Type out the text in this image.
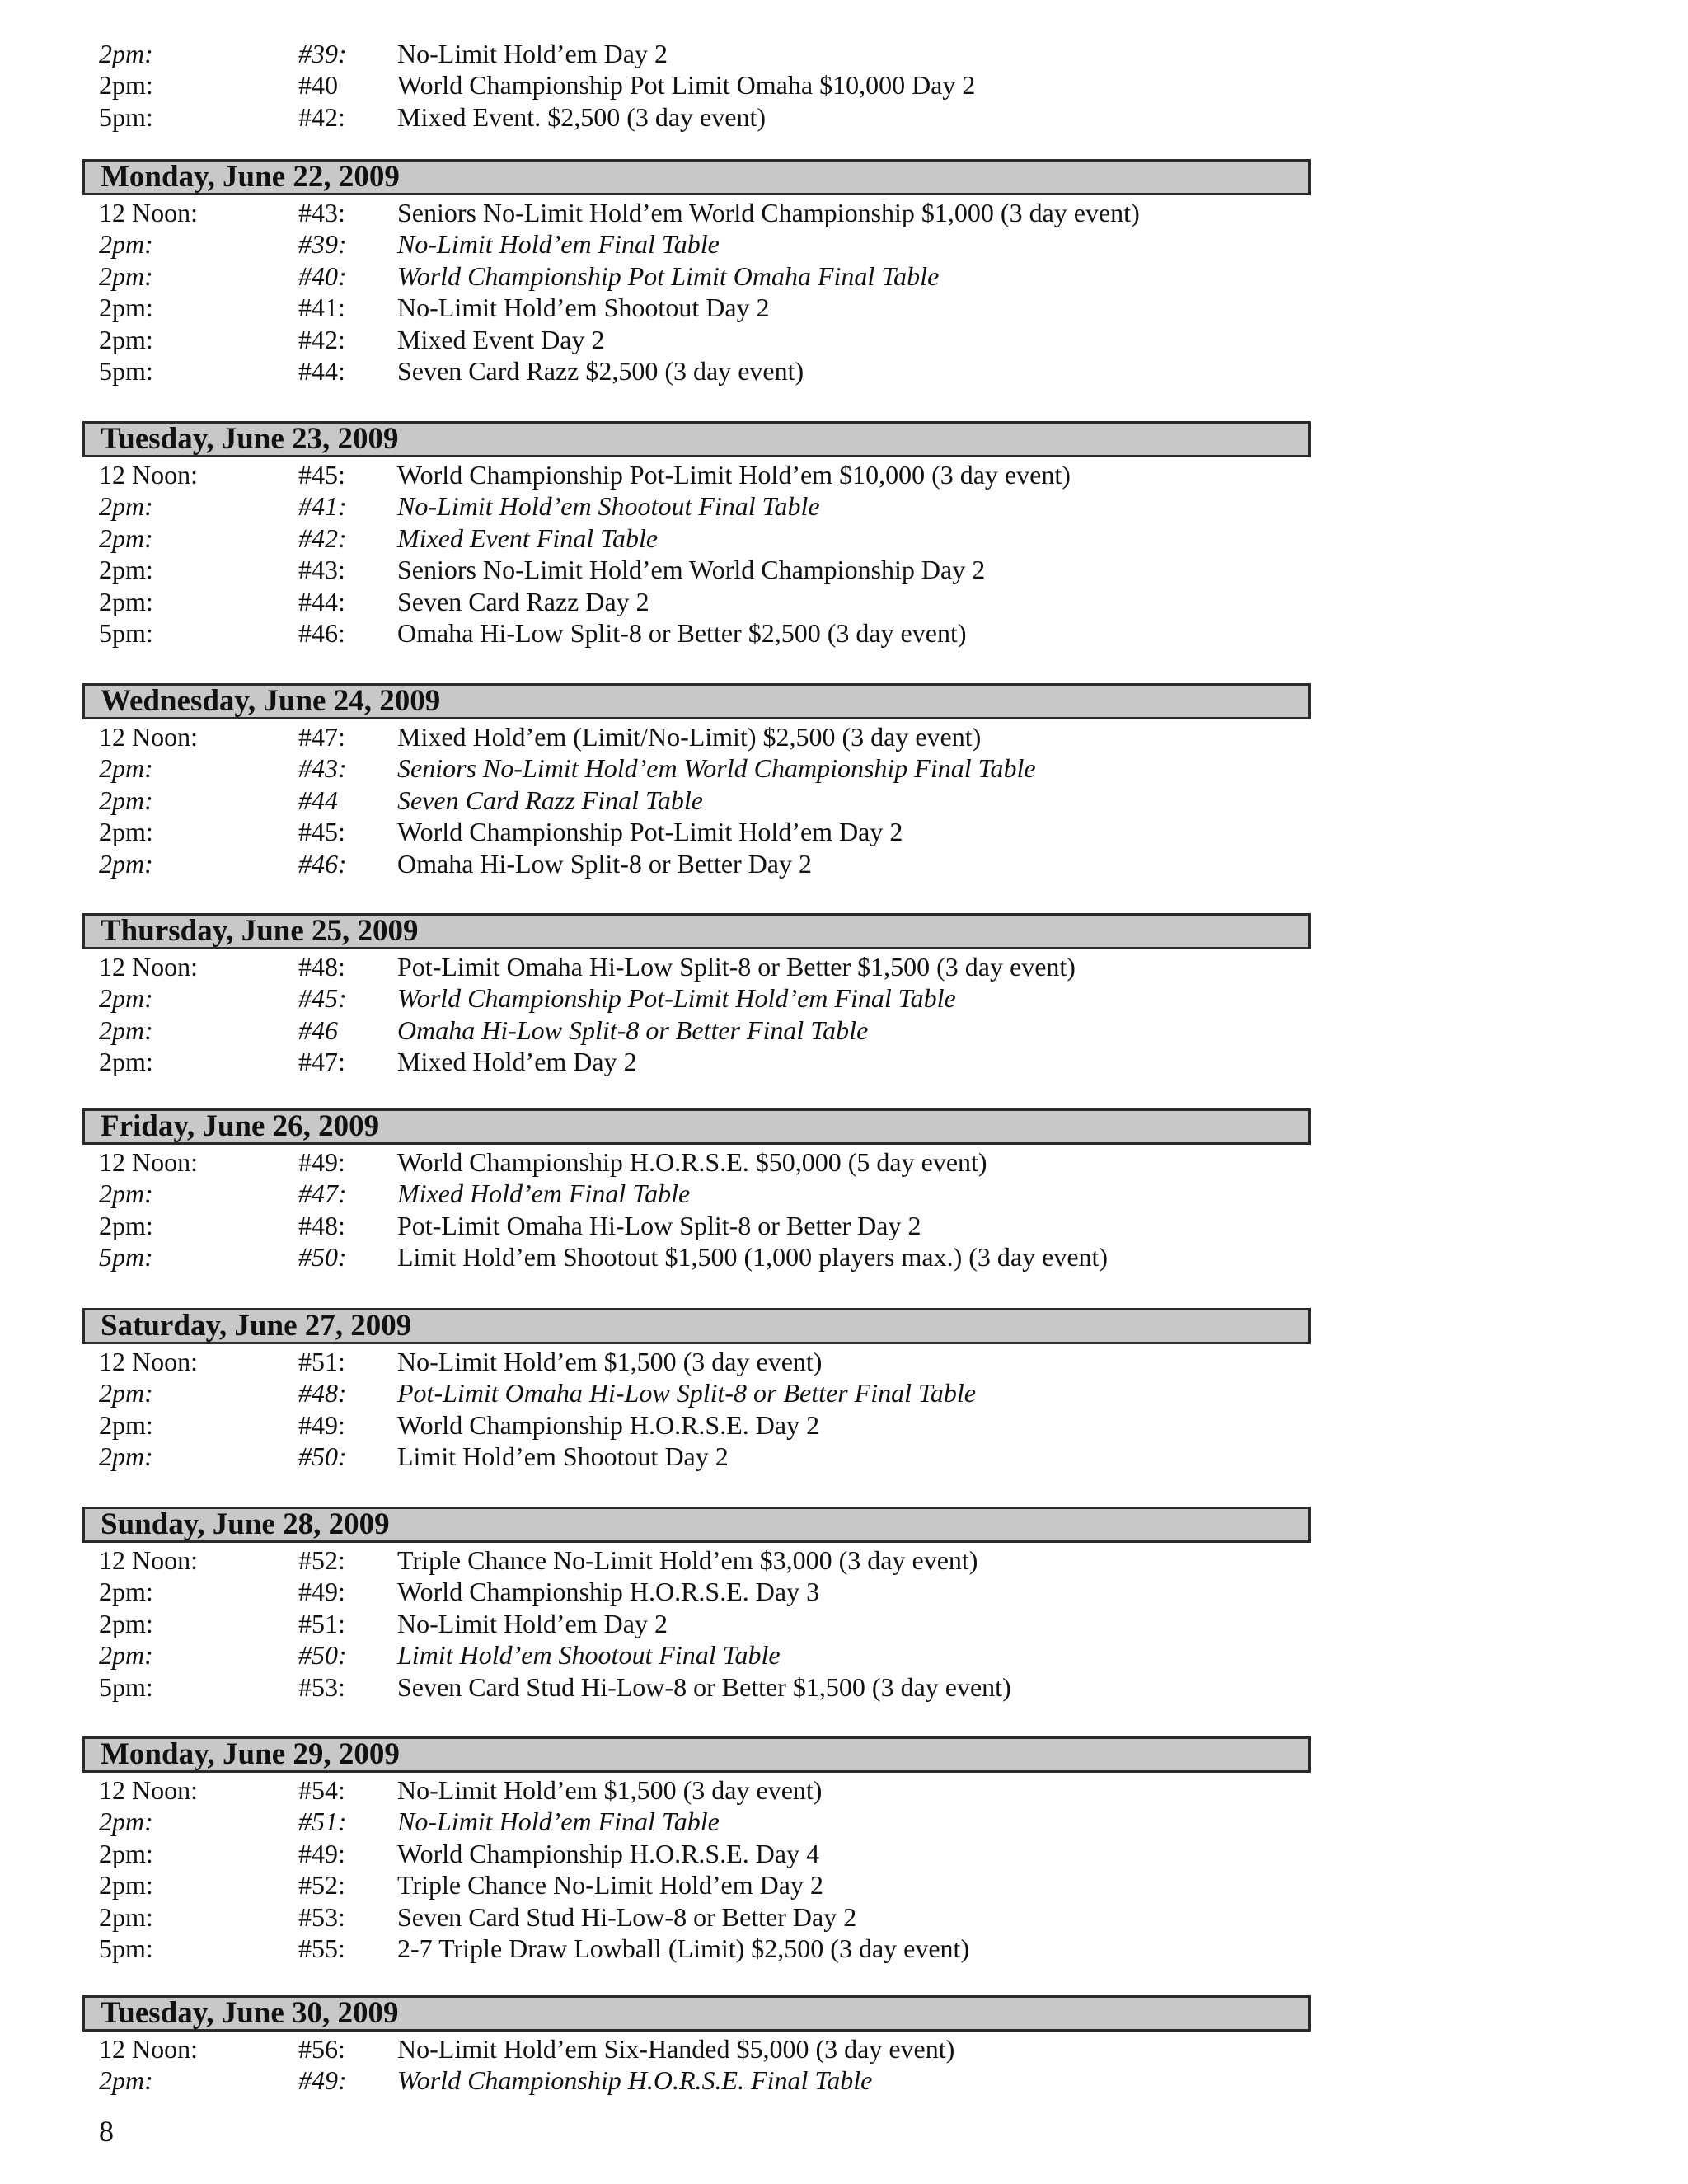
2pm:	#39: No-Limit Hold’em Day 2
2pm:	#40 World Championship Pot Limit Omaha $10,000 Day 2
5pm:	#42: Mixed Event. $2,500 (3 day event)
Monday, June 22, 2009
12 Noon:	#43: Seniors No-Limit Hold’em World Championship $1,000 (3 day event)
2pm:	#39: No-Limit Hold’em Final Table
2pm:	#40: World Championship Pot Limit Omaha Final Table
2pm:	#41: No-Limit Hold’em Shootout Day 2
2pm:	#42: Mixed Event Day 2
5pm:	#44: Seven Card Razz $2,500 (3 day event)
Tuesday, June 23, 2009
12 Noon:	#45: World Championship Pot-Limit Hold’em $10,000 (3 day event)
2pm:	#41: No-Limit Hold’em Shootout Final Table
2pm:	#42: Mixed Event Final Table
2pm:	#43: Seniors No-Limit Hold’em World Championship Day 2
2pm:	#44: Seven Card Razz Day 2
5pm:	#46: Omaha Hi-Low Split-8 or Better $2,500 (3 day event)
Wednesday, June 24, 2009
12 Noon:	#47: Mixed Hold’em (Limit/No-Limit) $2,500 (3 day event)
2pm:	#43: Seniors No-Limit Hold’em World Championship Final Table
2pm:	#44 Seven Card Razz Final Table
2pm:	#45: World Championship Pot-Limit Hold’em Day 2
2pm:	#46: Omaha Hi-Low Split-8 or Better Day 2
Thursday, June 25, 2009
12 Noon:	#48: Pot-Limit Omaha Hi-Low Split-8 or Better $1,500 (3 day event)
2pm:	#45: World Championship Pot-Limit Hold’em Final Table
2pm:	#46 Omaha Hi-Low Split-8 or Better Final Table
2pm:	#47: Mixed Hold’em Day 2
Friday, June 26, 2009
12 Noon:	#49: World Championship H.O.R.S.E. $50,000 (5 day event)
2pm:	#47: Mixed Hold’em Final Table
2pm:	#48: Pot-Limit Omaha Hi-Low Split-8 or Better Day 2
5pm:	#50: Limit Hold’em Shootout $1,500 (1,000 players max.) (3 day event)
Saturday, June 27, 2009
12 Noon:	#51: No-Limit Hold’em $1,500 (3 day event)
2pm:	#48: Pot-Limit Omaha Hi-Low Split-8 or Better Final Table
2pm:	#49: World Championship H.O.R.S.E. Day 2
2pm:	#50: Limit Hold’em Shootout Day 2
Sunday, June 28, 2009
12 Noon:	#52: Triple Chance No-Limit Hold’em $3,000 (3 day event)
2pm:	#49: World Championship H.O.R.S.E. Day 3
2pm:	#51: No-Limit Hold’em Day 2
2pm:	#50: Limit Hold’em Shootout Final Table
5pm:	#53: Seven Card Stud Hi-Low-8 or Better $1,500 (3 day event)
Monday, June 29, 2009
12 Noon:	#54: No-Limit Hold’em $1,500 (3 day event)
2pm:	#51: No-Limit Hold’em Final Table
2pm:	#49: World Championship H.O.R.S.E. Day 4
2pm:	#52: Triple Chance No-Limit Hold’em Day 2
2pm:	#53: Seven Card Stud Hi-Low-8 or Better Day 2
5pm:	#55: 2-7 Triple Draw Lowball (Limit) $2,500 (3 day event)
Tuesday, June 30, 2009
12 Noon:	#56: No-Limit Hold’em Six-Handed $5,000 (3 day event)
2pm:	#49: World Championship H.O.R.S.E. Final Table
8
